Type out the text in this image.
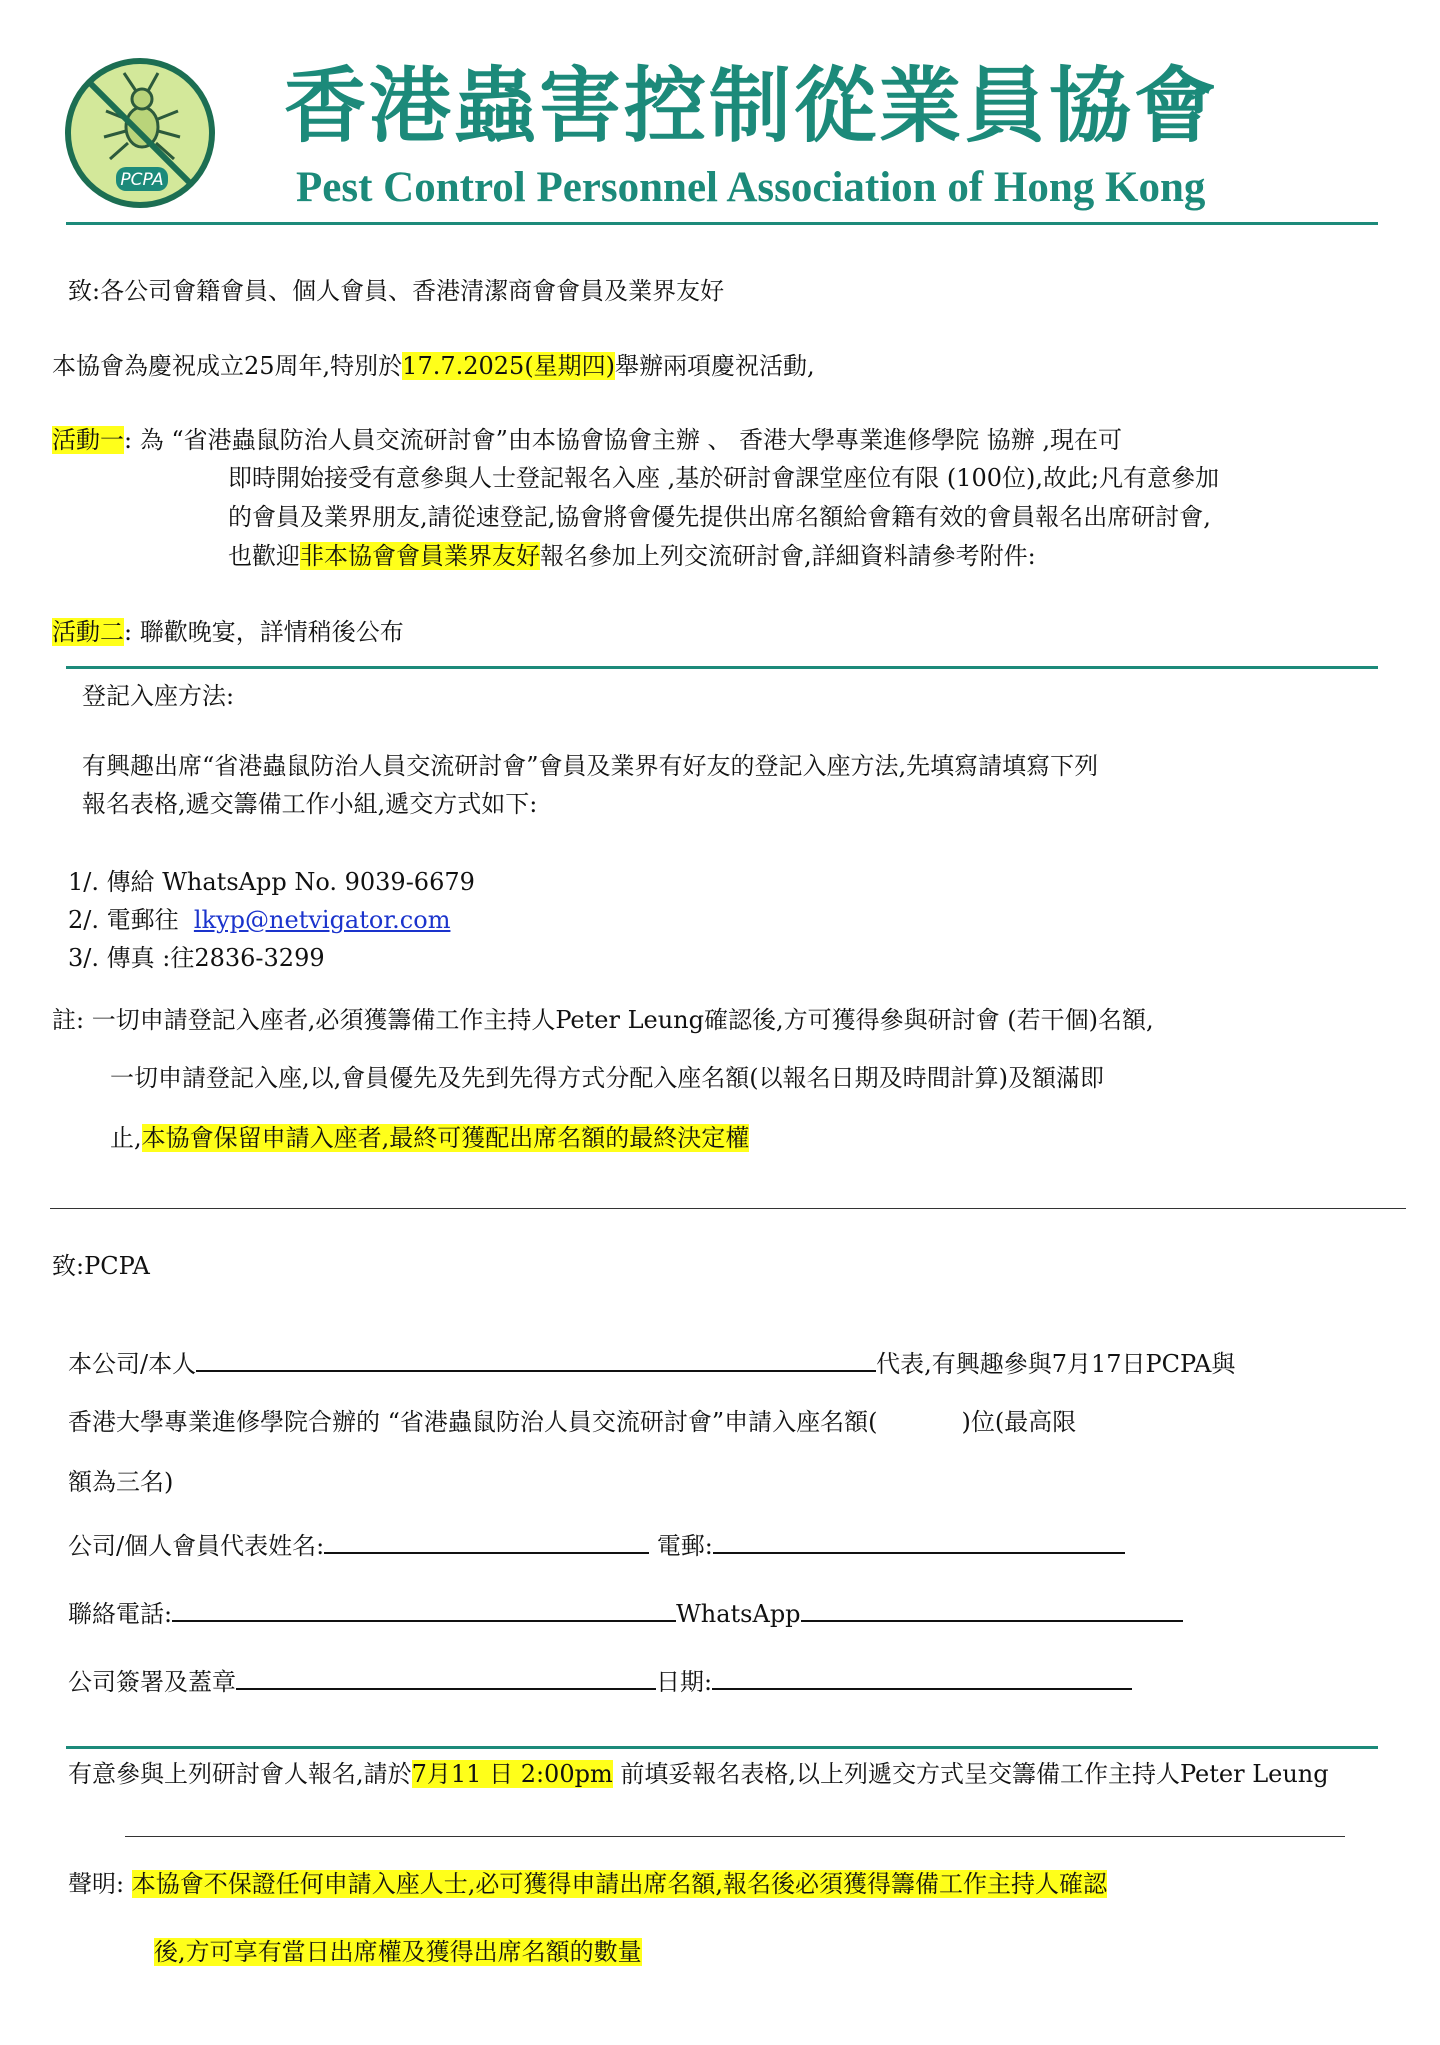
PCPA
香港蟲害控制從業員協會
Pest Control Personnel Association of Hong Kong
致:各公司會籍會員、個人會員、香港清潔商會會員及業界友好
本協會為慶祝成立25周年,特別於17.7.2025(星期四)舉辦兩項慶祝活動,
活動一: 為 “省港蟲鼠防治人員交流研討會”由本協會協會主辦 、 香港大學專業進修學院 協辦 ,現在可
即時開始接受有意參與人士登記報名入座 ,基於研討會課堂座位有限 (100位),故此;凡有意參加
的會員及業界朋友,請從速登記,協會將會優先提供出席名額給會籍有效的會員報名出席研討會,
也歡迎非本協會會員業界友好報名參加上列交流研討會,詳細資料請參考附件:
活動二: 聯歡晚宴，詳情稍後公布
登記入座方法:
有興趣出席“省港蟲鼠防治人員交流研討會”會員及業界有好友的登記入座方法,先填寫請填寫下列
報名表格,遞交籌備工作小組,遞交方式如下:
1/. 傳給 WhatsApp No. 9039-6679
2/. 電郵往 lkyp@netvigator.com
3/. 傳真 :往2836-3299
註: 一切申請登記入座者,必須獲籌備工作主持人Peter Leung確認後,方可獲得參與研討會 (若干個)名額,
一切申請登記入座,以,會員優先及先到先得方式分配入座名額(以報名日期及時間計算)及額滿即
止,本協會保留申請入座者,最終可獲配出席名額的最終決定權
致:PCPA
本公司/本人	代表,有興趣參與7月17日PCPA與
香港大學專業進修學院合辦的 “省港蟲鼠防治人員交流研討會”申請入座名額(	)位(最高限
額為三名)
公司/個人會員代表姓名:	電郵:
聯絡電話:	WhatsApp
公司簽署及蓋章	日期:
有意參與上列研討會人報名,請於7月11 日 2:00pm 前填妥報名表格,以上列遞交方式呈交籌備工作主持人Peter Leung
聲明: 本協會不保證任何申請入座人士,必可獲得申請出席名額,報名後必須獲得籌備工作主持人確認
後,方可享有當日出席權及獲得出席名額的數量
